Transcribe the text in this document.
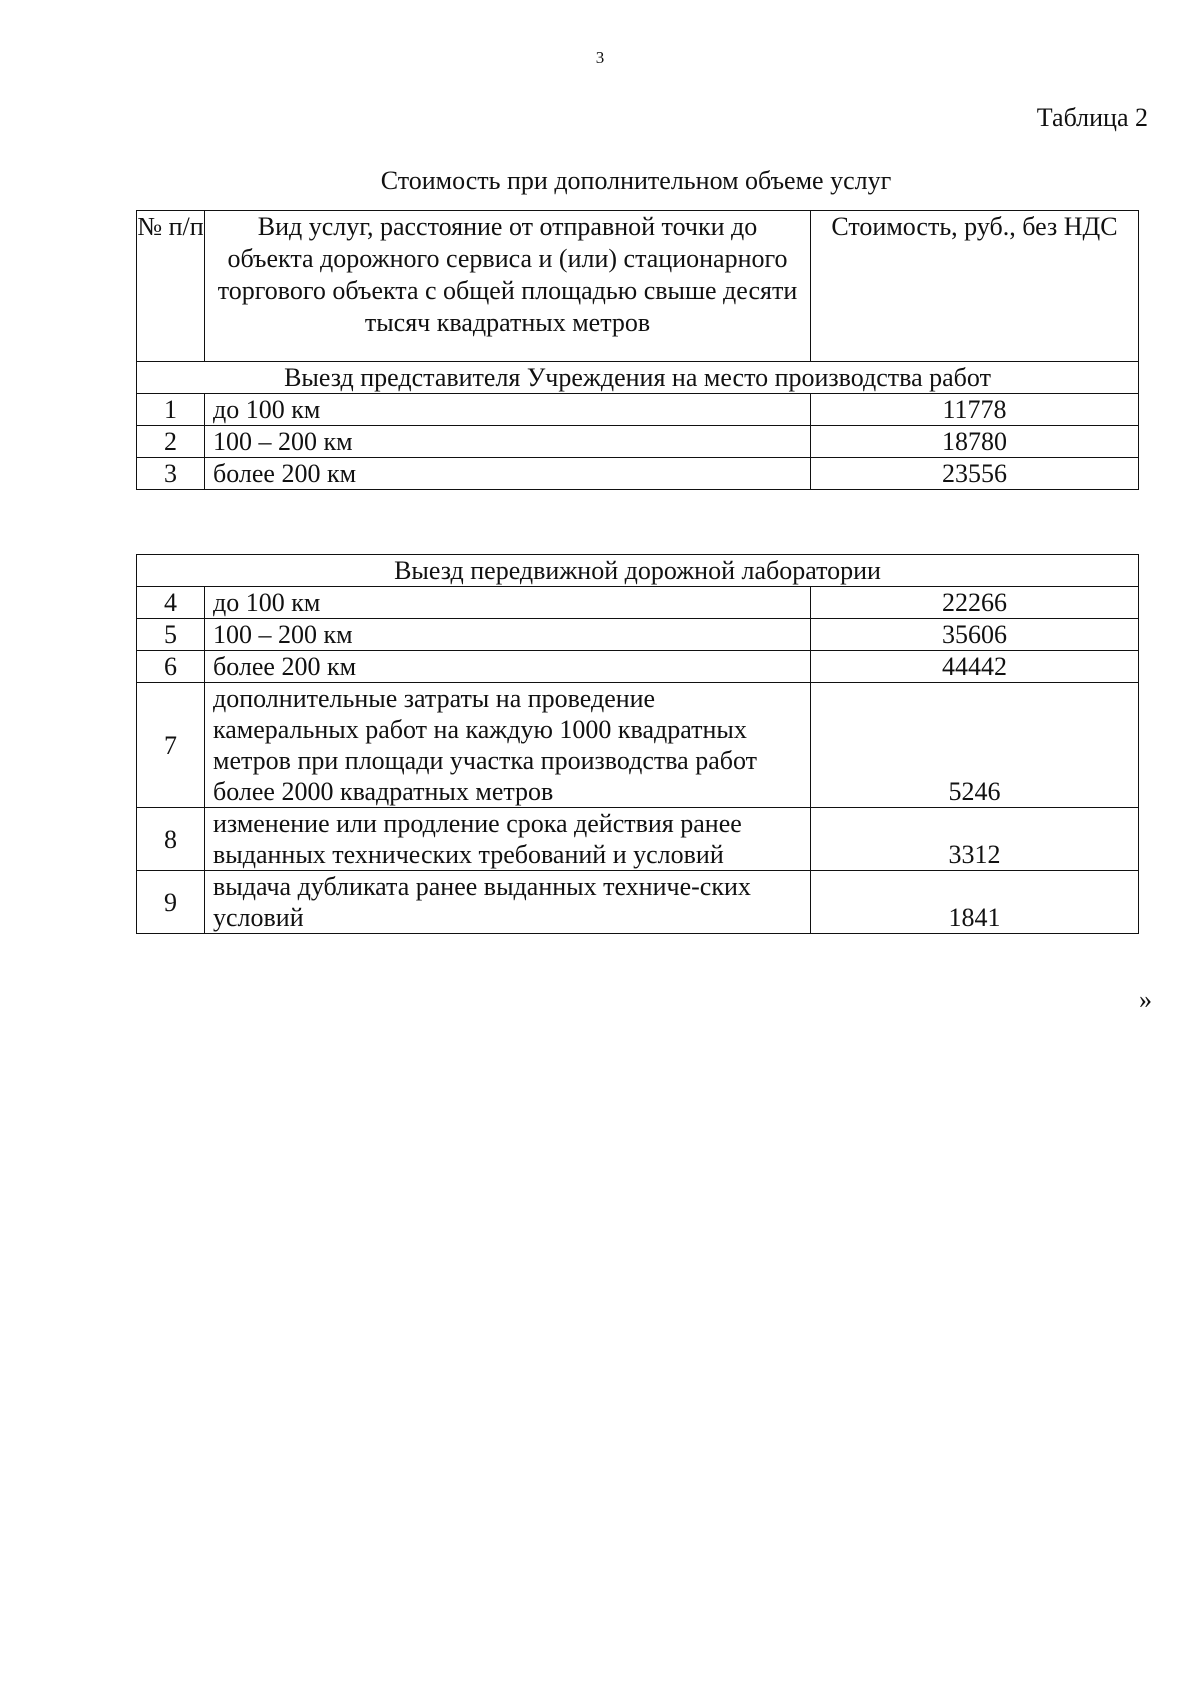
3
Таблица 2
Стоимость при дополнительном объеме услуг
№ п/п	Вид услуг, расстояние от отправной точки до объекта дорожного сервиса и (или) стационарного торгового объекта с общей площадью свыше десяти тысяч квадратных метров	Стоимость, руб., без НДС
Выезд представителя Учреждения на место производства работ		
1	до 100 км	11778
2	100 – 200 км	18780
3	более 200 км	23556
Выезд передвижной дорожной лаборатории		
4	до 100 км	22266
5	100 – 200 км	35606
6	более 200 км	44442
7	дополнительные затраты на проведение камеральных работ на каждую 1000 квадратных метров при площади участка производства работ более 2000 квадратных метров	5246
8	изменение или продление срока действия ранее выданных технических требований и условий	3312
9	выдача дубликата ранее выданных техниче-ских условий	1841
»
